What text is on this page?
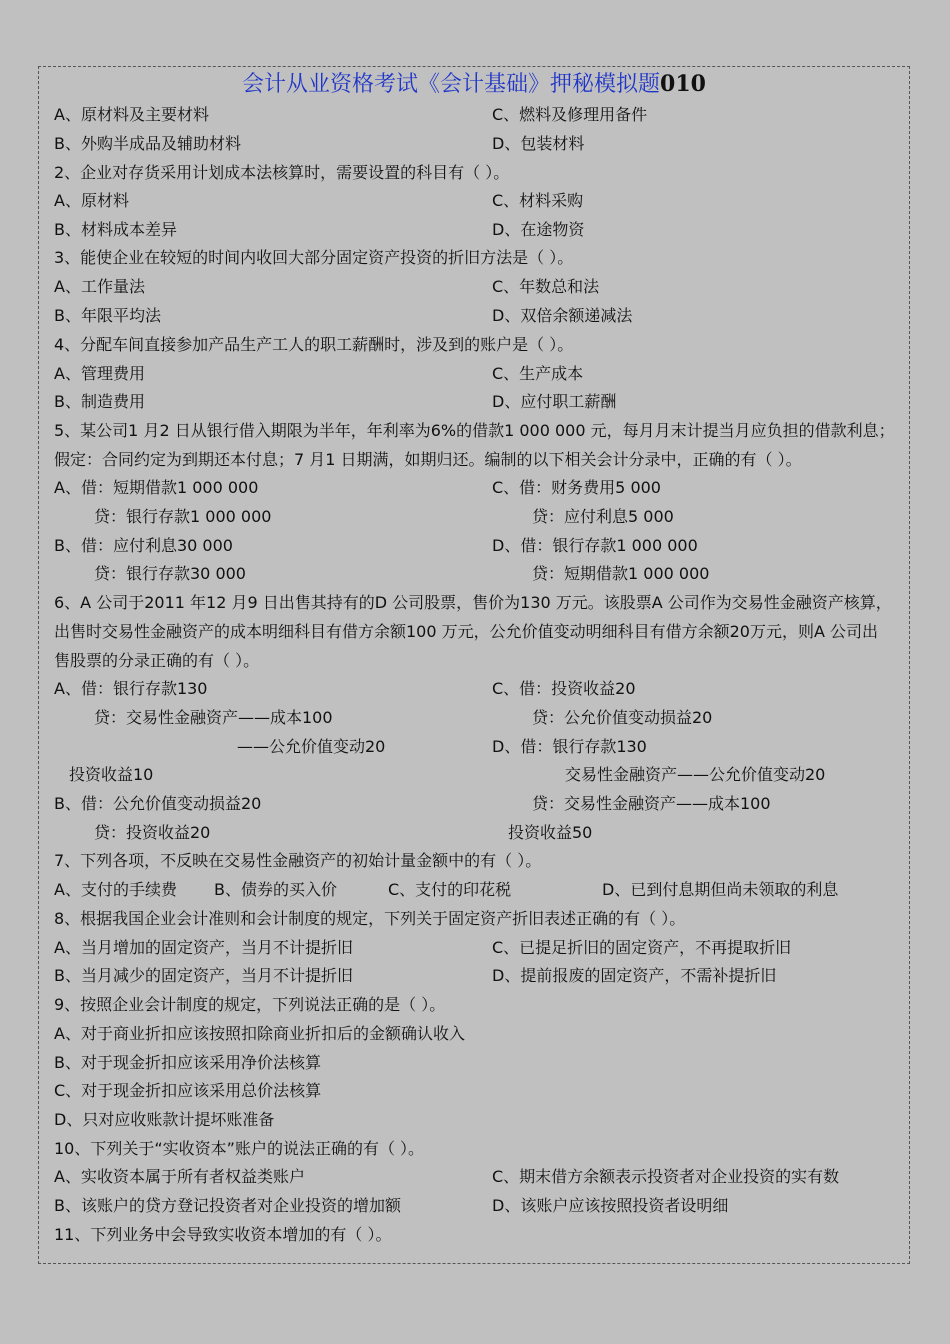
会计从业资格考试《会计基础》押秘模拟题010
A、原材料及主要材料	C、燃料及修理用备件
B、外购半成品及辅助材料	D、包装材料
2、企业对存货采用计划成本法核算时，需要设置的科目有（ ）。
A、原材料	C、材料采购
B、材料成本差异	D、在途物资
3、能使企业在较短的时间内收回大部分固定资产投资的折旧方法是（ ）。
A、工作量法	C、年数总和法
B、年限平均法	D、双倍余额递减法
4、分配车间直接参加产品生产工人的职工薪酬时，涉及到的账户是（ ）。
A、管理费用	C、生产成本
B、制造费用	D、应付职工薪酬
5、某公司1 月2 日从银行借入期限为半年，年利率为6%的借款1 000 000 元，每月月末计提当月应负担的借款利息；
假定：合同约定为到期还本付息；7 月1 日期满，如期归还。编制的以下相关会计分录中，正确的有（ ）。
A、借：短期借款1 000 000	C、借：财务费用5 000
贷：银行存款1 000 000	贷：应付利息5 000
B、借：应付利息30 000	D、借：银行存款1 000 000
贷：银行存款30 000	贷：短期借款1 000 000
6、A 公司于2011 年12 月9 日出售其持有的D 公司股票，售价为130 万元。该股票A 公司作为交易性金融资产核算，
出售时交易性金融资产的成本明细科目有借方余额100 万元，公允价值变动明细科目有借方余额20万元，则A 公司出
售股票的分录正确的有（ ）。
A、借：银行存款130	C、借：投资收益20
贷：交易性金融资产——成本100	贷：公允价值变动损益20
——公允价值变动20	D、借：银行存款130
投资收益10	交易性金融资产——公允价值变动20
B、借：公允价值变动损益20	贷：交易性金融资产——成本100
贷：投资收益20	投资收益50
7、下列各项，不反映在交易性金融资产的初始计量金额中的有（ ）。
A、支付的手续费 B、债券的买入价	C、支付的印花税	D、已到付息期但尚未领取的利息
8、根据我国企业会计准则和会计制度的规定，下列关于固定资产折旧表述正确的有（ ）。
A、当月增加的固定资产，当月不计提折旧	C、已提足折旧的固定资产，不再提取折旧
B、当月减少的固定资产，当月不计提折旧	D、提前报废的固定资产，不需补提折旧
9、按照企业会计制度的规定，下列说法正确的是（ ）。
A、对于商业折扣应该按照扣除商业折扣后的金额确认收入
B、对于现金折扣应该采用净价法核算
C、对于现金折扣应该采用总价法核算
D、只对应收账款计提坏账准备
10、下列关于“实收资本”账户的说法正确的有（ ）。
A、实收资本属于所有者权益类账户	C、期末借方余额表示投资者对企业投资的实有数
B、该账户的贷方登记投资者对企业投资的增加额	D、该账户应该按照投资者设明细
11、下列业务中会导致实收资本增加的有（ ）。
